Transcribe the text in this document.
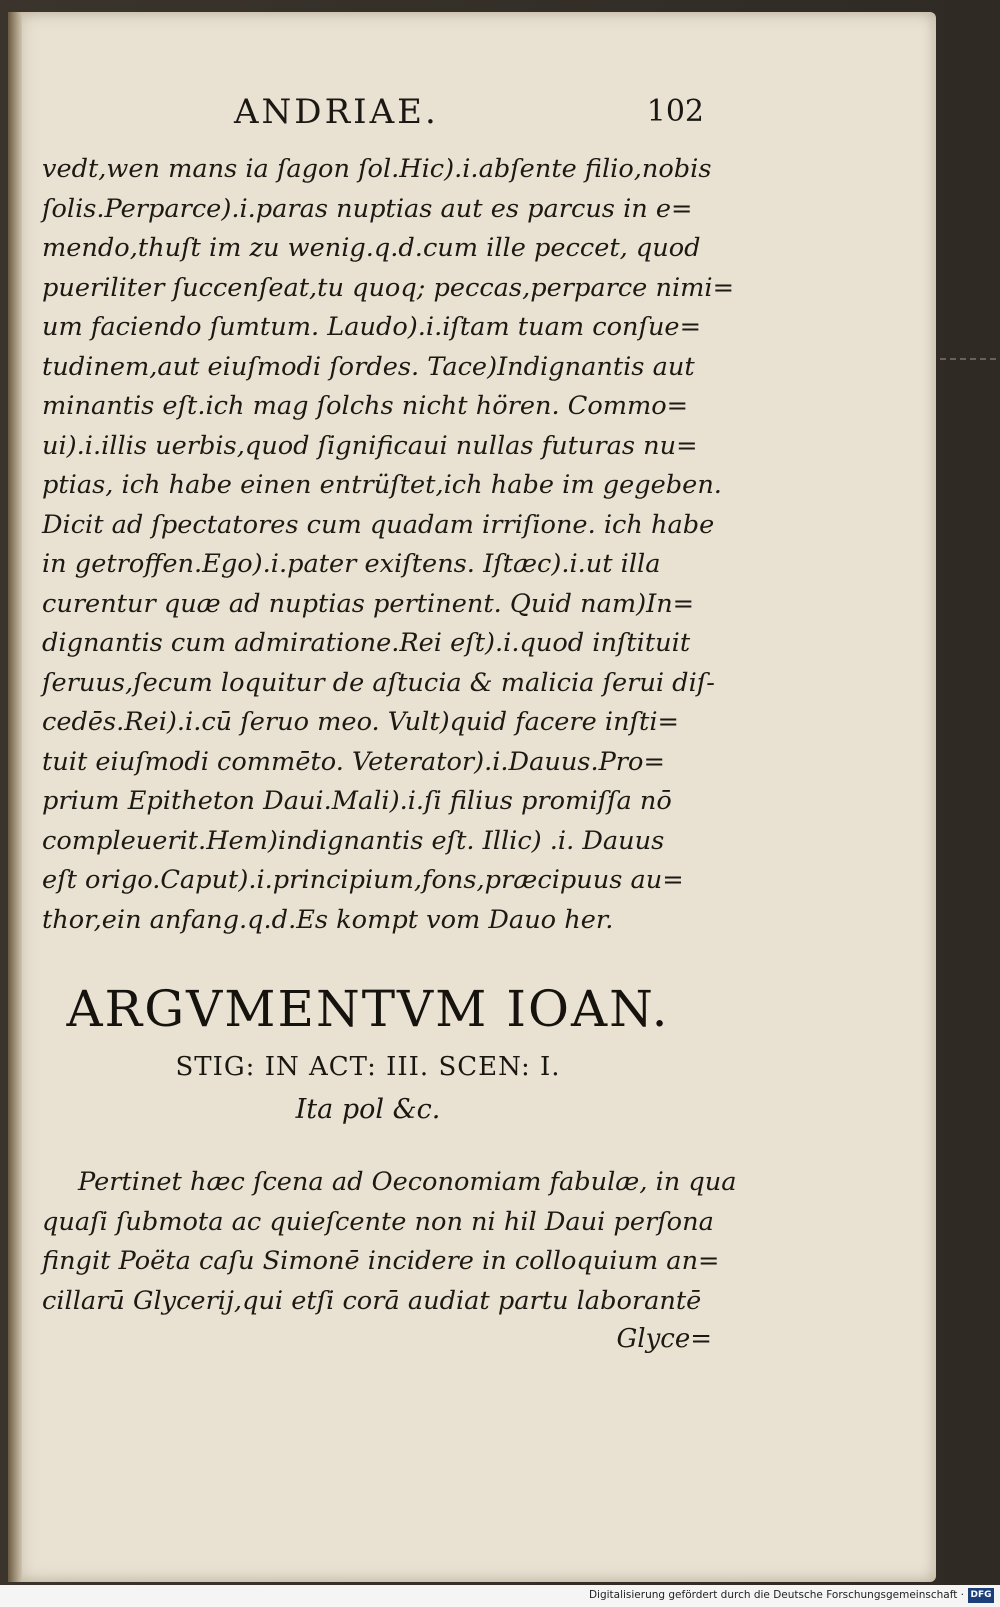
ANDRIAE.	102
vedt,wen mans ia ſagon ſol.Hic).i.abſente filio,nobis
ſolis.Perparce).i.paras nuptias aut es parcus in e=
mendo,thuſt im zu wenig.q.d.cum ille peccet, quod
pueriliter ſuccenſeat,tu quoq; peccas,perparce nimi=
um faciendo ſumtum. Laudo).i.iſtam tuam conſue=
tudinem,aut eiuſmodi ſordes. Tace)Indignantis aut
minantis eſt.ich mag ſolchs nicht hören. Commo=
ui).i.illis uerbis,quod ſignificaui nullas futuras nu=
ptias, ich habe einen entrüſtet,ich habe im gegeben.
Dicit ad ſpectatores cum quadam irriſione. ich habe
in getroffen.Ego).i.pater exiſtens. Iſtæc).i.ut illa
curentur quæ ad nuptias pertinent. Quid nam)In=
dignantis cum admiratione.Rei eſt).i.quod inſtituit
ſeruus,ſecum loquitur de aſtucia & malicia ſerui diſ-
cedēs.Rei).i.cū ſeruo meo. Vult)quid facere inſti=
tuit eiuſmodi commēto. Veterator).i.Dauus.Pro=
prium Epitheton Daui.Mali).i.ſi filius promiſſa nō
compleuerit.Hem)indignantis eſt. Illic) .i. Dauus
eſt origo.Caput).i.principium,fons,præcipuus au=
thor,ein anfang.q.d.Es kompt vom Dauo her.
ARGVMENTVM IOAN.
STIG: IN ACT: III. SCEN: I.
Ita pol &c.
Pertinet hæc ſcena ad Oeconomiam fabulæ, in qua
quaſi ſubmota ac quieſcente non ni hil Daui perſona
fingit Poëta caſu Simonē incidere in colloquium an=
cillarū Glycerij,qui etſi corā audiat partu laborantē
Glyce=
Digitalisierung gefördert durch die Deutsche Forschungsgemeinschaft · DFG
